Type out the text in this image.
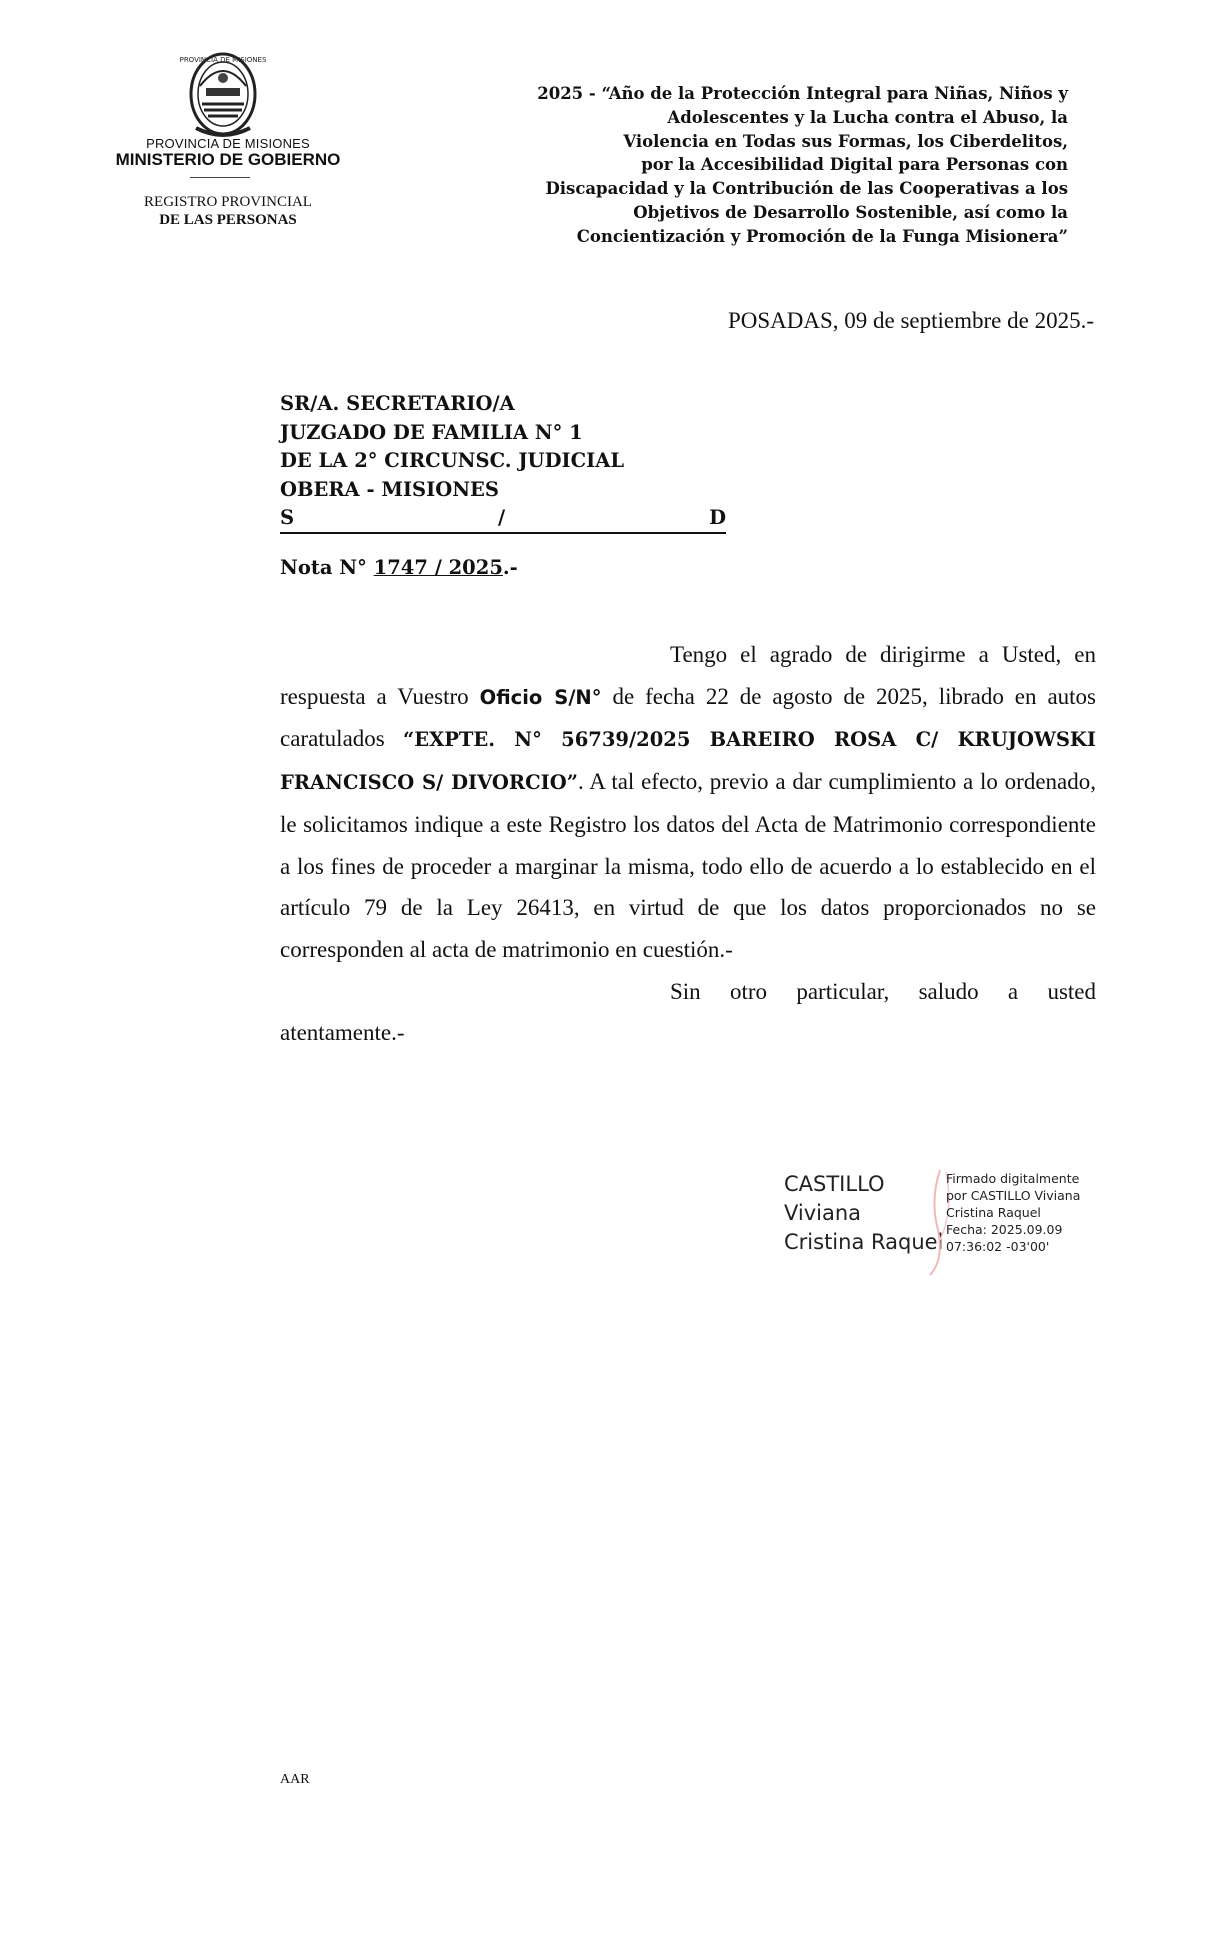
PROVINCIA DE MISIONES
PROVINCIA DE MISIONES
MINISTERIO DE GOBIERNO
REGISTRO PROVINCIAL
DE LAS PERSONAS
2025 - “Año de la Protección Integral para Niñas, Niños y
Adolescentes y la Lucha contra el Abuso, la
Violencia en Todas sus Formas, los Ciberdelitos,
por la Accesibilidad Digital para Personas con
Discapacidad y la Contribución de las Cooperativas a los
Objetivos de Desarrollo Sostenible, así como la
Concientización y Promoción de la Funga Misionera”
POSADAS, 09 de septiembre de 2025.-
SR/A. SECRETARIO/A
JUZGADO DE FAMILIA N° 1
DE LA 2° CIRCUNSC. JUDICIAL
OBERA - MISIONES
S	/	D
Nota N° 1747 / 2025.-

Tengo el agrado de dirigirme a Usted, en respuesta a Vuestro Oficio S/N° de fecha 22 de agosto de 2025, librado en autos caratulados “EXPTE. N° 56739/2025 BAREIRO ROSA C/ KRUJOWSKI FRANCISCO S/ DIVORCIO”. A tal efecto, previo a dar cumplimiento a lo ordenado, le solicitamos indique a este Registro los datos del Acta de Matrimonio correspondiente a los fines de proceder a marginar la misma, todo ello de acuerdo a lo establecido en el artículo 79 de la Ley 26413, en virtud de que los datos proporcionados no se corresponden al acta de matrimonio en cuestión.-

Sin otro particular, saludo a usted atentamente.-

CASTILLO
Viviana
Cristina Raquel
Firmado digitalmente
por CASTILLO Viviana
Cristina Raquel
Fecha: 2025.09.09
07:36:02 -03'00'
AAR
